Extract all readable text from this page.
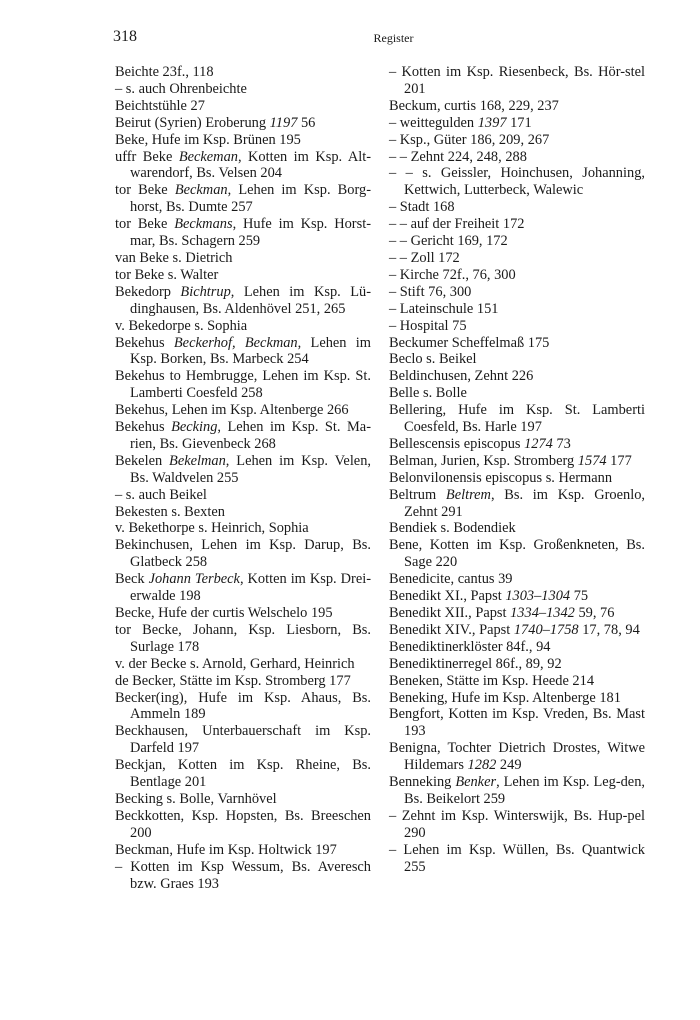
318	Register

Beichte 23f., 118

– s. auch Ohrenbeichte

Beichtstühle 27

Beirut (Syrien) Eroberung 1197 56

Beke, Hufe im Ksp. Brünen 195

uffr Beke Beckeman, Kotten im Ksp. Alt-warendorf, Bs. Velsen 204

tor Beke Beckman, Lehen im Ksp. Borg-horst, Bs. Dumte 257

tor Beke Beckmans, Hufe im Ksp. Horst-mar, Bs. Schagern 259

van Beke s. Dietrich

tor Beke s. Walter

Bekedorp Bichtrup, Lehen im Ksp. Lü-dinghausen, Bs. Aldenhövel 251, 265

v. Bekedorpe s. Sophia

Bekehus Beckerhof, Beckman, Lehen im Ksp. Borken, Bs. Marbeck 254

Bekehus to Hembrugge, Lehen im Ksp. St. Lamberti Coesfeld 258

Bekehus, Lehen im Ksp. Altenberge 266

Bekehus Becking, Lehen im Ksp. St. Ma-rien, Bs. Gievenbeck 268

Bekelen Bekelman, Lehen im Ksp. Velen, Bs. Waldvelen 255

– s. auch Beikel

Bekesten s. Bexten

v. Bekethorpe s. Heinrich, Sophia

Bekinchusen, Lehen im Ksp. Darup, Bs. Glatbeck 258

Beck Johann Terbeck, Kotten im Ksp. Drei-erwalde 198

Becke, Hufe der curtis Welschelo 195

tor Becke, Johann, Ksp. Liesborn, Bs. Surlage 178

v. der Becke s. Arnold, Gerhard, Heinrich

de Becker, Stätte im Ksp. Stromberg 177

Becker(ing), Hufe im Ksp. Ahaus, Bs. Ammeln 189

Beckhausen, Unterbauerschaft im Ksp. Darfeld 197

Beckjan, Kotten im Ksp. Rheine, Bs. Bentlage 201

Becking s. Bolle, Varnhövel

Beckkotten, Ksp. Hopsten, Bs. Breeschen 200

Beckman, Hufe im Ksp. Holtwick 197

– Kotten im Ksp Wessum, Bs. Averesch bzw. Graes 193

– Kotten im Ksp. Riesenbeck, Bs. Hör-stel 201

Beckum, curtis 168, 229, 237

– weittegulden 1397 171

– Ksp., Güter 186, 209, 267

– – Zehnt 224, 248, 288

– – s. Geissler, Hoinchusen, Johanning, Kettwich, Lutterbeck, Walewic

– Stadt 168

– – auf der Freiheit 172

– – Gericht 169, 172

– – Zoll 172

– Kirche 72f., 76, 300

– Stift 76, 300

– Lateinschule 151

– Hospital 75

Beckumer Scheffelmaß 175

Beclo s. Beikel

Beldinchusen, Zehnt 226

Belle s. Bolle

Bellering, Hufe im Ksp. St. Lamberti Coesfeld, Bs. Harle 197

Bellescensis episcopus 1274 73

Belman, Jurien, Ksp. Stromberg 1574 177

Belonvilonensis episcopus s. Hermann

Beltrum Beltrem, Bs. im Ksp. Groenlo, Zehnt 291

Bendiek s. Bodendiek

Bene, Kotten im Ksp. Großenkneten, Bs. Sage 220

Benedicite, cantus 39

Benedikt XI., Papst 1303–1304 75

Benedikt XII., Papst 1334–1342 59, 76

Benedikt XIV., Papst 1740–1758 17, 78, 94

Benediktinerklöster 84f., 94

Benediktinerregel 86f., 89, 92

Beneken, Stätte im Ksp. Heede 214

Beneking, Hufe im Ksp. Altenberge 181

Bengfort, Kotten im Ksp. Vreden, Bs. Mast 193

Benigna, Tochter Dietrich Drostes, Witwe Hildemars 1282 249

Benneking Benker, Lehen im Ksp. Leg-den, Bs. Beikelort 259

– Zehnt im Ksp. Winterswijk, Bs. Hup-pel 290

– Lehen im Ksp. Wüllen, Bs. Quantwick 255
